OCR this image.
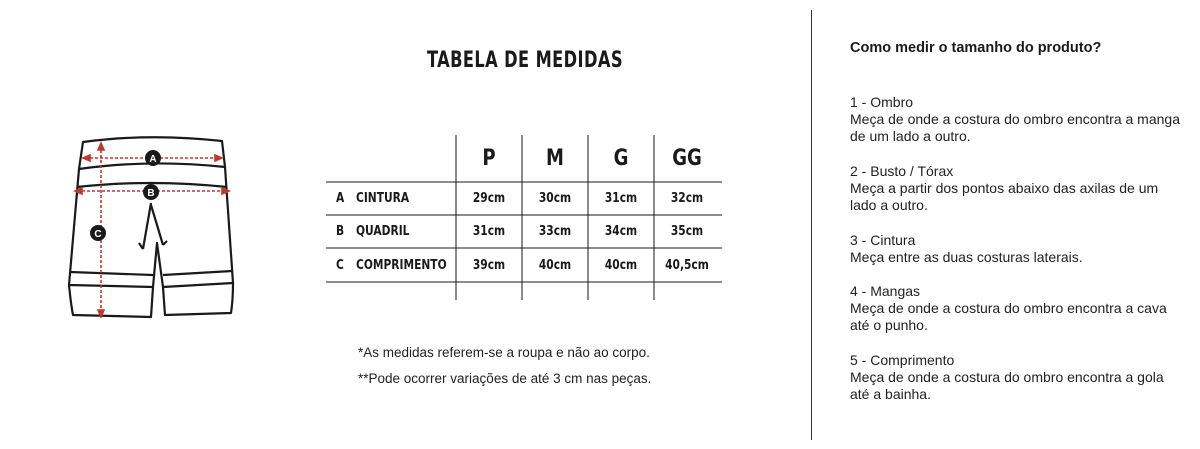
TABELA DE MEDIDAS
A
B
C
P	M	G	GG
A CINTURA	29cm	30cm	31cm	32cm
B QUADRIL	31cm	33cm	34cm	35cm
C COMPRIMENTO	39cm	40cm	40cm	40,5cm
*As medidas referem-se a roupa e não ao corpo.
**Pode ocorrer variações de até 3 cm nas peças.
Como medir o tamanho do produto?
1 - Ombro
Meça de onde a costura do ombro encontra a manga de um lado a outro.
2 - Busto / Tórax
Meça a partir dos pontos abaixo das axilas de um lado a outro.
3 - Cintura
Meça entre as duas costuras laterais.
4 - Mangas
Meça de onde a costura do ombro encontra a cava até o punho.
5 - Comprimento
Meça de onde a costura do ombro encontra a gola até a bainha.
